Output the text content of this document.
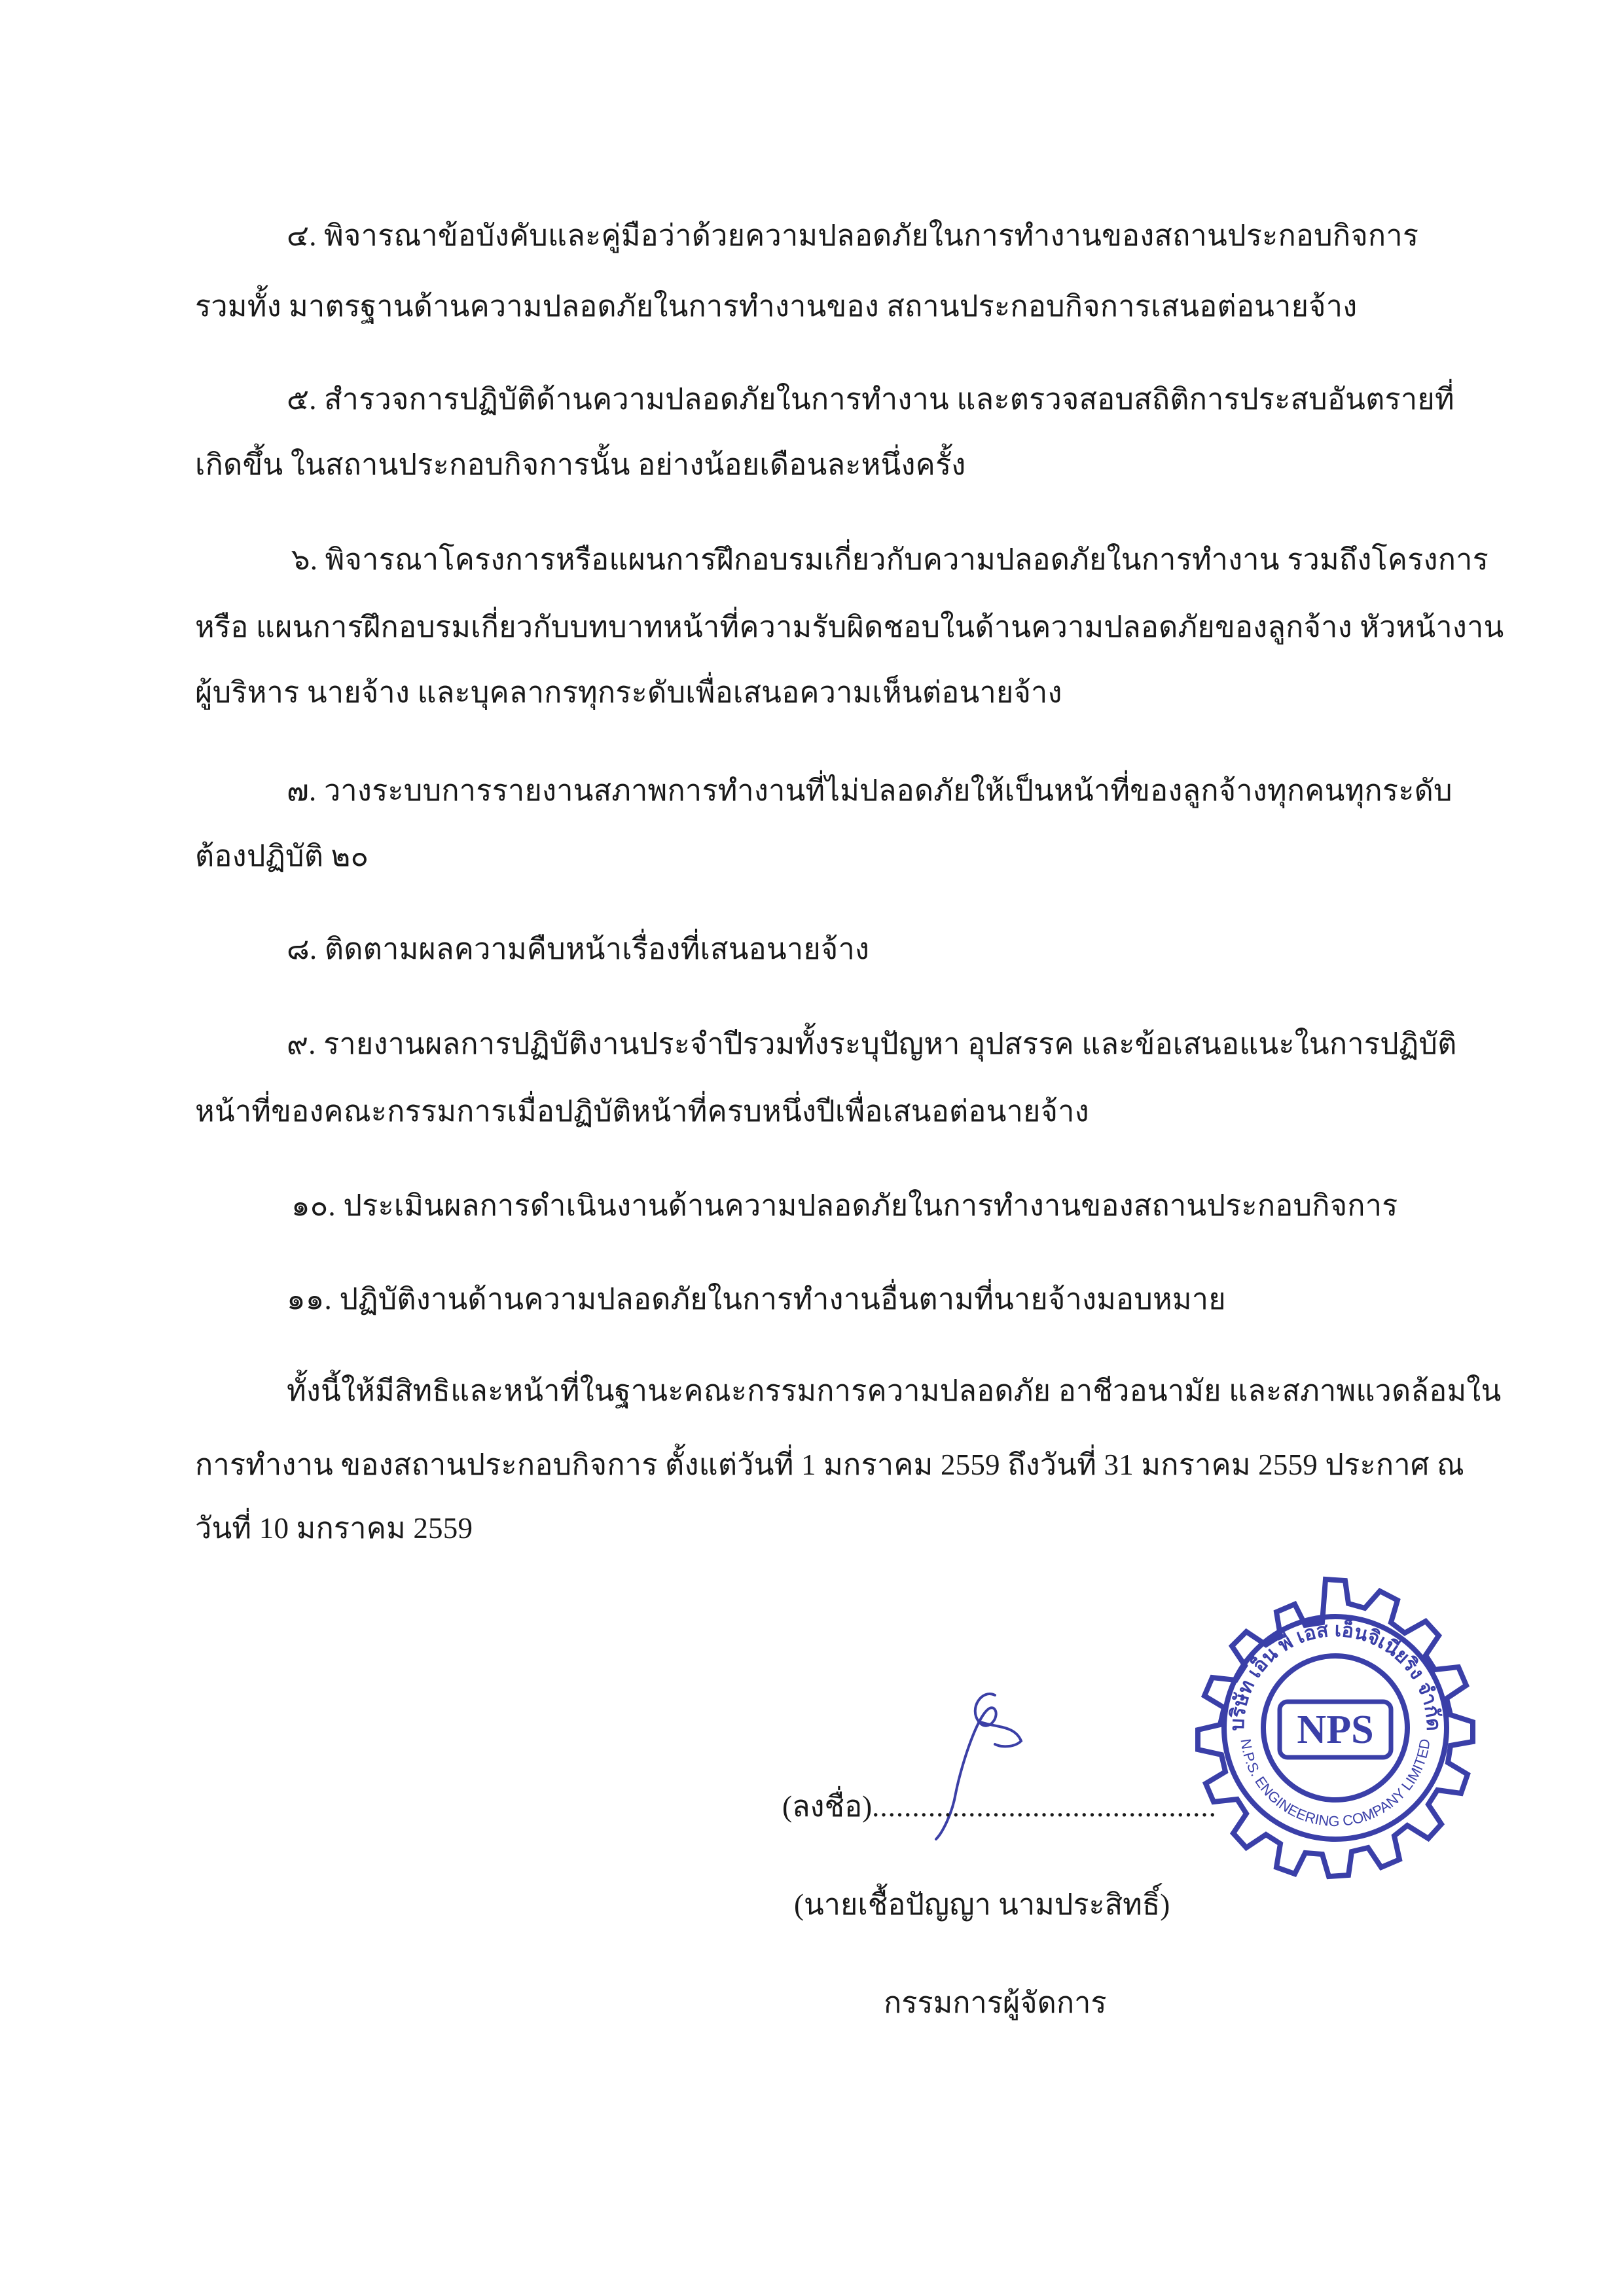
๔. พิจารณาข้อบังคับและคู่มือว่าด้วยความปลอดภัยในการทำงานของสถานประกอบกิจการ
รวมทั้ง มาตรฐานด้านความปลอดภัยในการทำงานของ สถานประกอบกิจการเสนอต่อนายจ้าง
๕. สำรวจการปฏิบัติด้านความปลอดภัยในการทำงาน และตรวจสอบสถิติการประสบอันตรายที่
เกิดขึ้น ในสถานประกอบกิจการนั้น อย่างน้อยเดือนละหนึ่งครั้ง
๖. พิจารณาโครงการหรือแผนการฝึกอบรมเกี่ยวกับความปลอดภัยในการทำงาน รวมถึงโครงการ
หรือ แผนการฝึกอบรมเกี่ยวกับบทบาทหน้าที่ความรับผิดชอบในด้านความปลอดภัยของลูกจ้าง หัวหน้างาน
ผู้บริหาร นายจ้าง และบุคลากรทุกระดับเพื่อเสนอความเห็นต่อนายจ้าง
๗. วางระบบการรายงานสภาพการทำงานที่ไม่ปลอดภัยให้เป็นหน้าที่ของลูกจ้างทุกคนทุกระดับ
ต้องปฏิบัติ ๒๐
๘. ติดตามผลความคืบหน้าเรื่องที่เสนอนายจ้าง
๙. รายงานผลการปฏิบัติงานประจำปีรวมทั้งระบุปัญหา อุปสรรค และข้อเสนอแนะในการปฏิบัติ
หน้าที่ของคณะกรรมการเมื่อปฏิบัติหน้าที่ครบหนึ่งปีเพื่อเสนอต่อนายจ้าง
๑๐. ประเมินผลการดำเนินงานด้านความปลอดภัยในการทำงานของสถานประกอบกิจการ
๑๑. ปฏิบัติงานด้านความปลอดภัยในการทำงานอื่นตามที่นายจ้างมอบหมาย
ทั้งนี้ให้มีสิทธิและหน้าที่ในฐานะคณะกรรมการความปลอดภัย อาชีวอนามัย และสภาพแวดล้อมใน
การทำงาน ของสถานประกอบกิจการ ตั้งแต่วันที่ 1 มกราคม 2559 ถึงวันที่ 31 มกราคม 2559 ประกาศ ณ
วันที่ 10 มกราคม 2559
NPS
บริษัท เอ็น พี เอส เอ็นจิเนียริ่ง จำกัด
N.P.S. ENGINEERING COMPANY LIMITED
(ลงชื่อ)...........................................
(นายเชื้อปัญญา นามประสิทธิ์)
กรรมการผู้จัดการ
